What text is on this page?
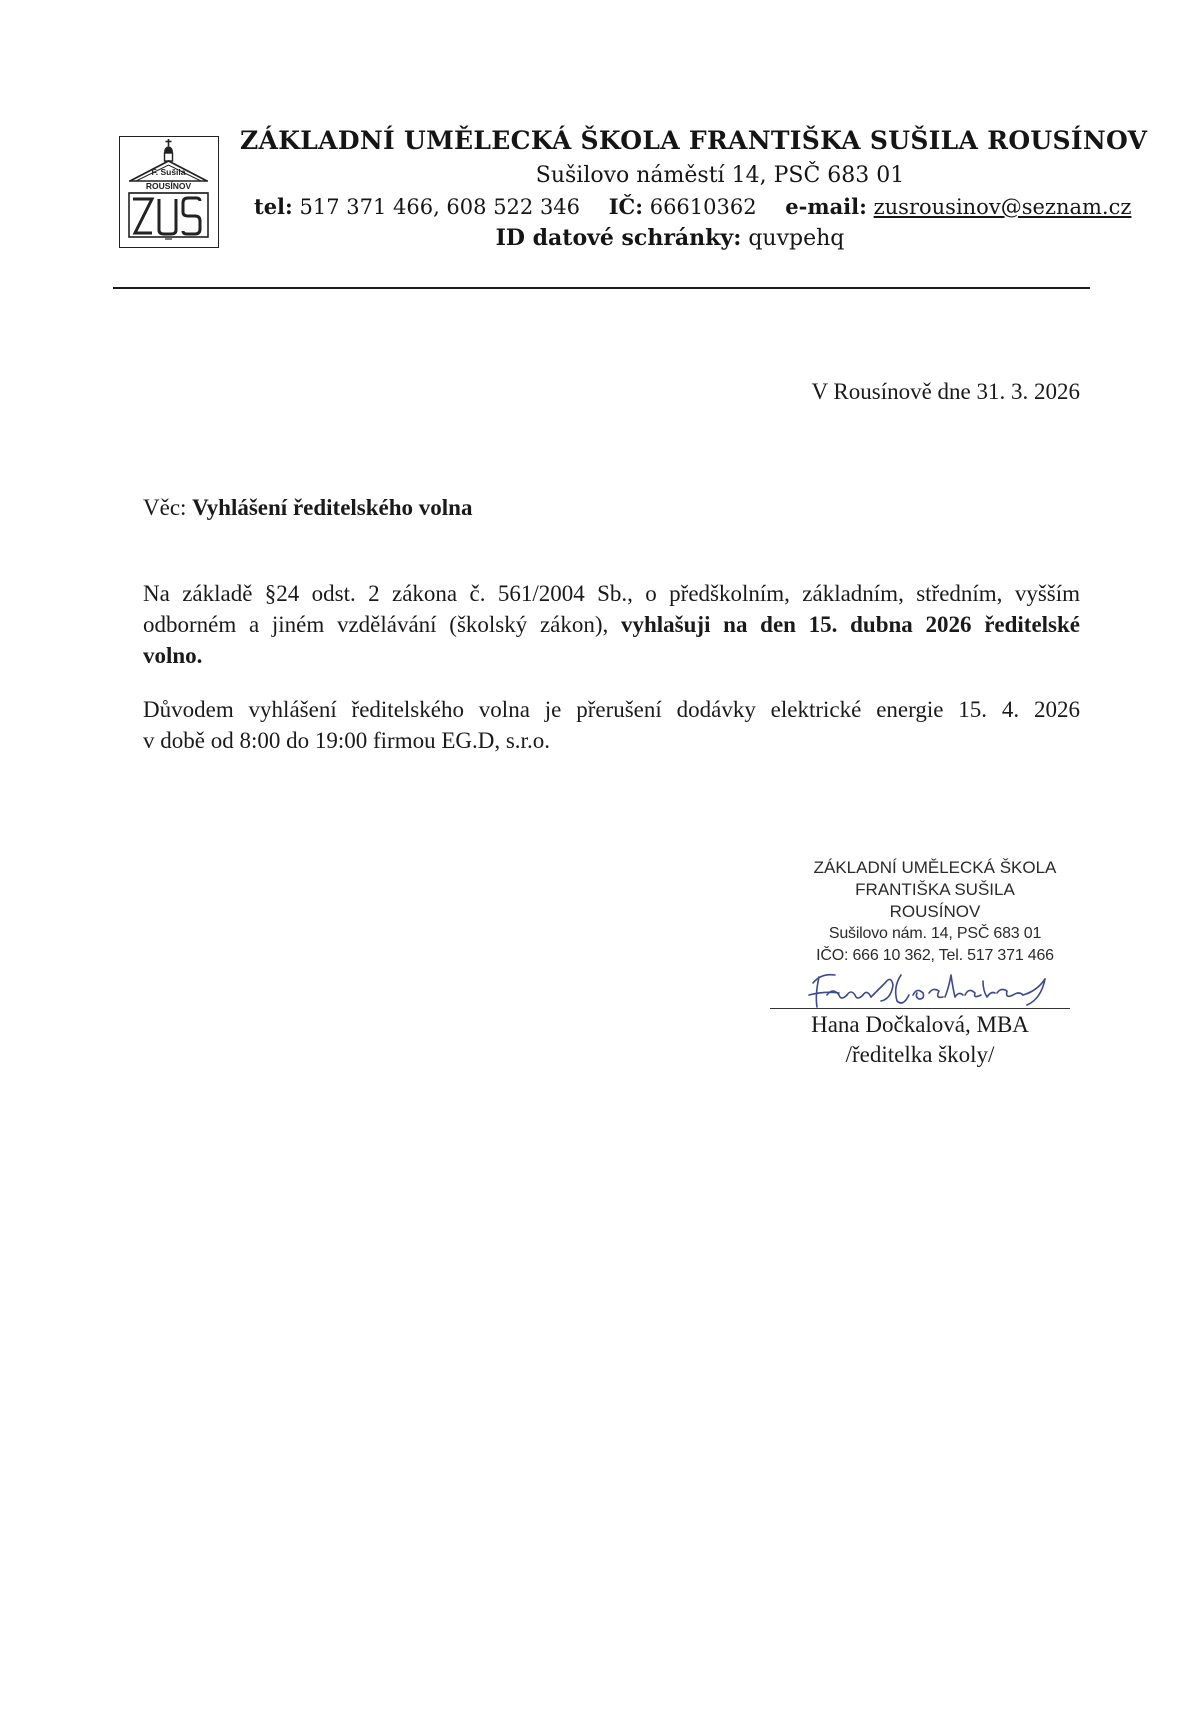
F. Sušila
ROUSÍNOV
ZÁKLADNÍ UMĚLECKÁ ŠKOLA FRANTIŠKA SUŠILA ROUSÍNOV
Sušilovo náměstí 14, PSČ 683 01
tel: 517 371 466, 608 522 346 IČ: 66610362 e-mail: zusrousinov@seznam.cz
ID datové schránky: quvpehq
V Rousínově dne 31. 3. 2026
Věc: Vyhlášení ředitelského volna
Na základě §24 odst. 2 zákona č. 561/2004 Sb., o předškolním, základním, středním, vyšším
odborném a jiném vzdělávání (školský zákon), vyhlašuji na den 15. dubna 2026 ředitelské
volno.
Důvodem vyhlášení ředitelského volna je přerušení dodávky elektrické energie 15. 4. 2026
v době od 8:00 do 19:00 firmou EG.D, s.r.o.
ZÁKLADNÍ UMĚLECKÁ ŠKOLA
FRANTIŠKA SUŠILA
ROUSÍNOV
Sušilovo nám. 14, PSČ 683 01
IČO: 666 10 362, Tel. 517 371 466
Hana Dočkalová, MBA
/ředitelka školy/
